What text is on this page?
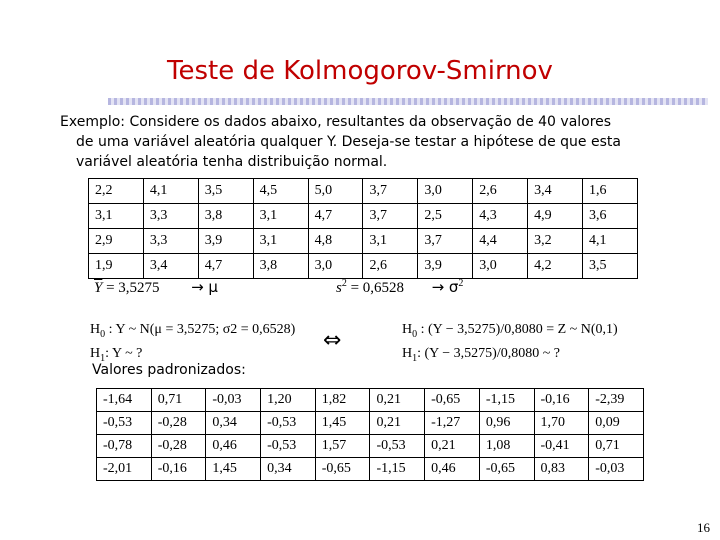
Teste de Kolmogorov-Smirnov
Exemplo: Considere os dados abaixo, resultantes da observação de 40 valores
de uma variável aleatória qualquer Y. Deseja-se testar a hipótese de que esta
variável aleatória tenha distribuição normal.
2,2	4,1	3,5	4,5	5,0	3,7	3,0	2,6	3,4	1,6
3,1	3,3	3,8	3,1	4,7	3,7	2,5	4,3	4,9	3,6
2,9	3,3	3,9	3,1	4,8	3,1	3,7	4,4	3,2	4,1
1,9	3,4	4,7	3,8	3,0	2,6	3,9	3,0	4,2	3,5
$\overline{Y} = 3,5275 \to \mu$	$s^2 = 0,6528 \to \sigma^2$
$H_0$ : Y ~ N(μ = 3,5275; σ2 = 0,6528)
$H_1$: Y ~ ?
⇔	$H_0$ : (Y − 3,5275)/0,8080 = Z ~ N(0,1)
$H_1$: (Y − 3,5275)/0,8080 ~ ?
Valores padronizados:
-1,64	0,71	-0,03	1,20	1,82	0,21	-0,65	-1,15	-0,16	-2,39
-0,53	-0,28	0,34	-0,53	1,45	0,21	-1,27	0,96	1,70	0,09
-0,78	-0,28	0,46	-0,53	1,57	-0,53	0,21	1,08	-0,41	0,71
-2,01	-0,16	1,45	0,34	-0,65	-1,15	0,46	-0,65	0,83	-0,03
16
